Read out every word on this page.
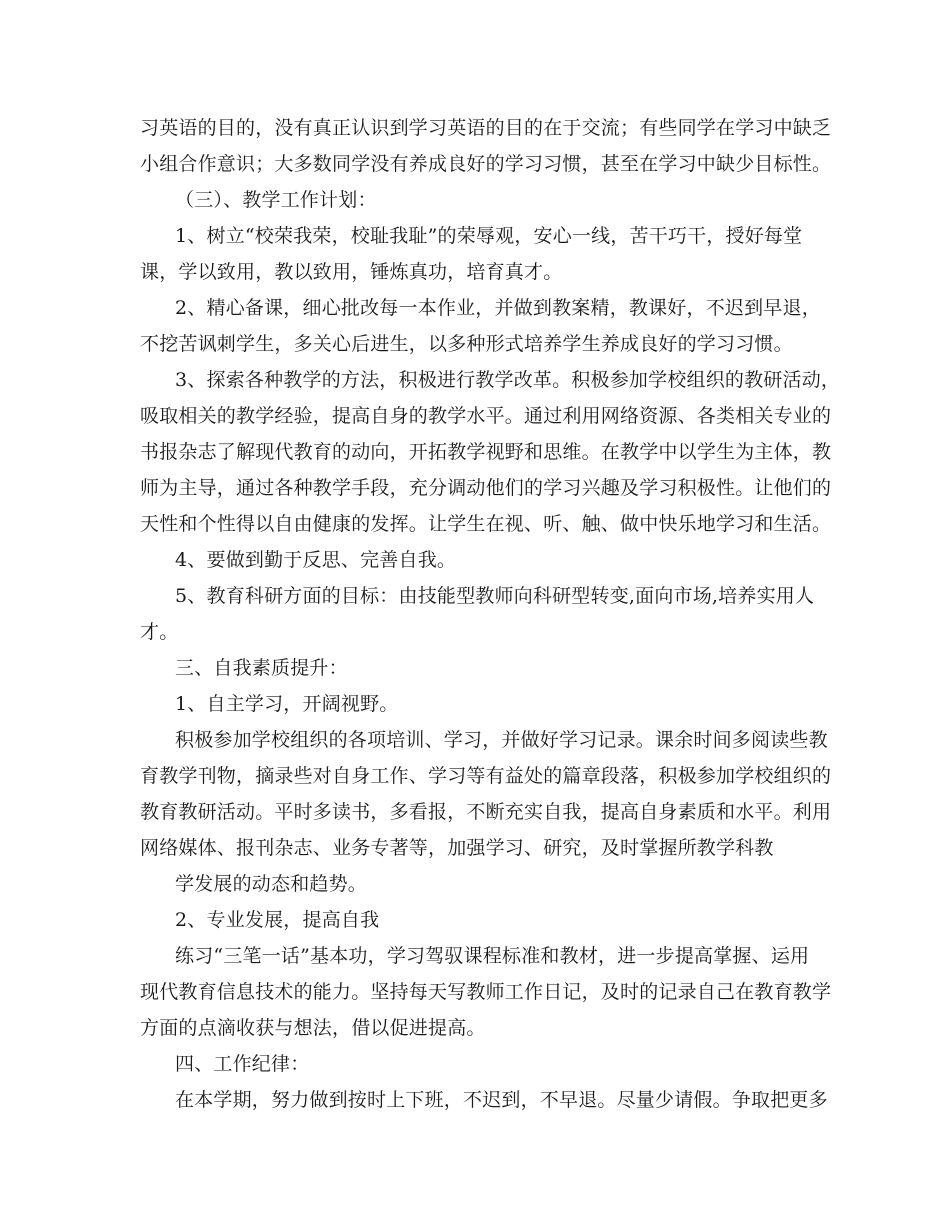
习英语的目的，没有真正认识到学习英语的目的在于交流；有些同学在学习中缺乏
小组合作意识；大多数同学没有养成良好的学习习惯，甚至在学习中缺少目标性。
（三）、教学工作计划：
1、树立“校荣我荣，校耻我耻”的荣辱观，安心一线，苦干巧干，授好每堂
课，学以致用，教以致用，锤炼真功，培育真才。
2、精心备课，细心批改每一本作业，并做到教案精，教课好，不迟到早退，
不挖苦讽刺学生，多关心后进生，以多种形式培养学生养成良好的学习习惯。
3、探索各种教学的方法，积极进行教学改革。积极参加学校组织的教研活动，
吸取相关的教学经验，提高自身的教学水平。通过利用网络资源、各类相关专业的
书报杂志了解现代教育的动向，开拓教学视野和思维。在教学中以学生为主体，教
师为主导，通过各种教学手段，充分调动他们的学习兴趣及学习积极性。让他们的
天性和个性得以自由健康的发挥。让学生在视、听、触、做中快乐地学习和生活。
4、要做到勤于反思、完善自我。
5、教育科研方面的目标：由技能型教师向科研型转变,面向市场,培养实用人
才。
三、自我素质提升：
1、自主学习，开阔视野。
积极参加学校组织的各项培训、学习，并做好学习记录。课余时间多阅读些教
育教学刊物，摘录些对自身工作、学习等有益处的篇章段落，积极参加学校组织的
教育教研活动。平时多读书，多看报，不断充实自我，提高自身素质和水平。利用
网络媒体、报刊杂志、业务专著等，加强学习、研究，及时掌握所教学科教
学发展的动态和趋势。
2、专业发展，提高自我
练习“三笔一话”基本功，学习驾驭课程标准和教材，进一步提高掌握、运用
现代教育信息技术的能力。坚持每天写教师工作日记，及时的记录自己在教育教学
方面的点滴收获与想法，借以促进提高。
四、工作纪律：
在本学期，努力做到按时上下班，不迟到，不早退。尽量少请假。争取把更多
